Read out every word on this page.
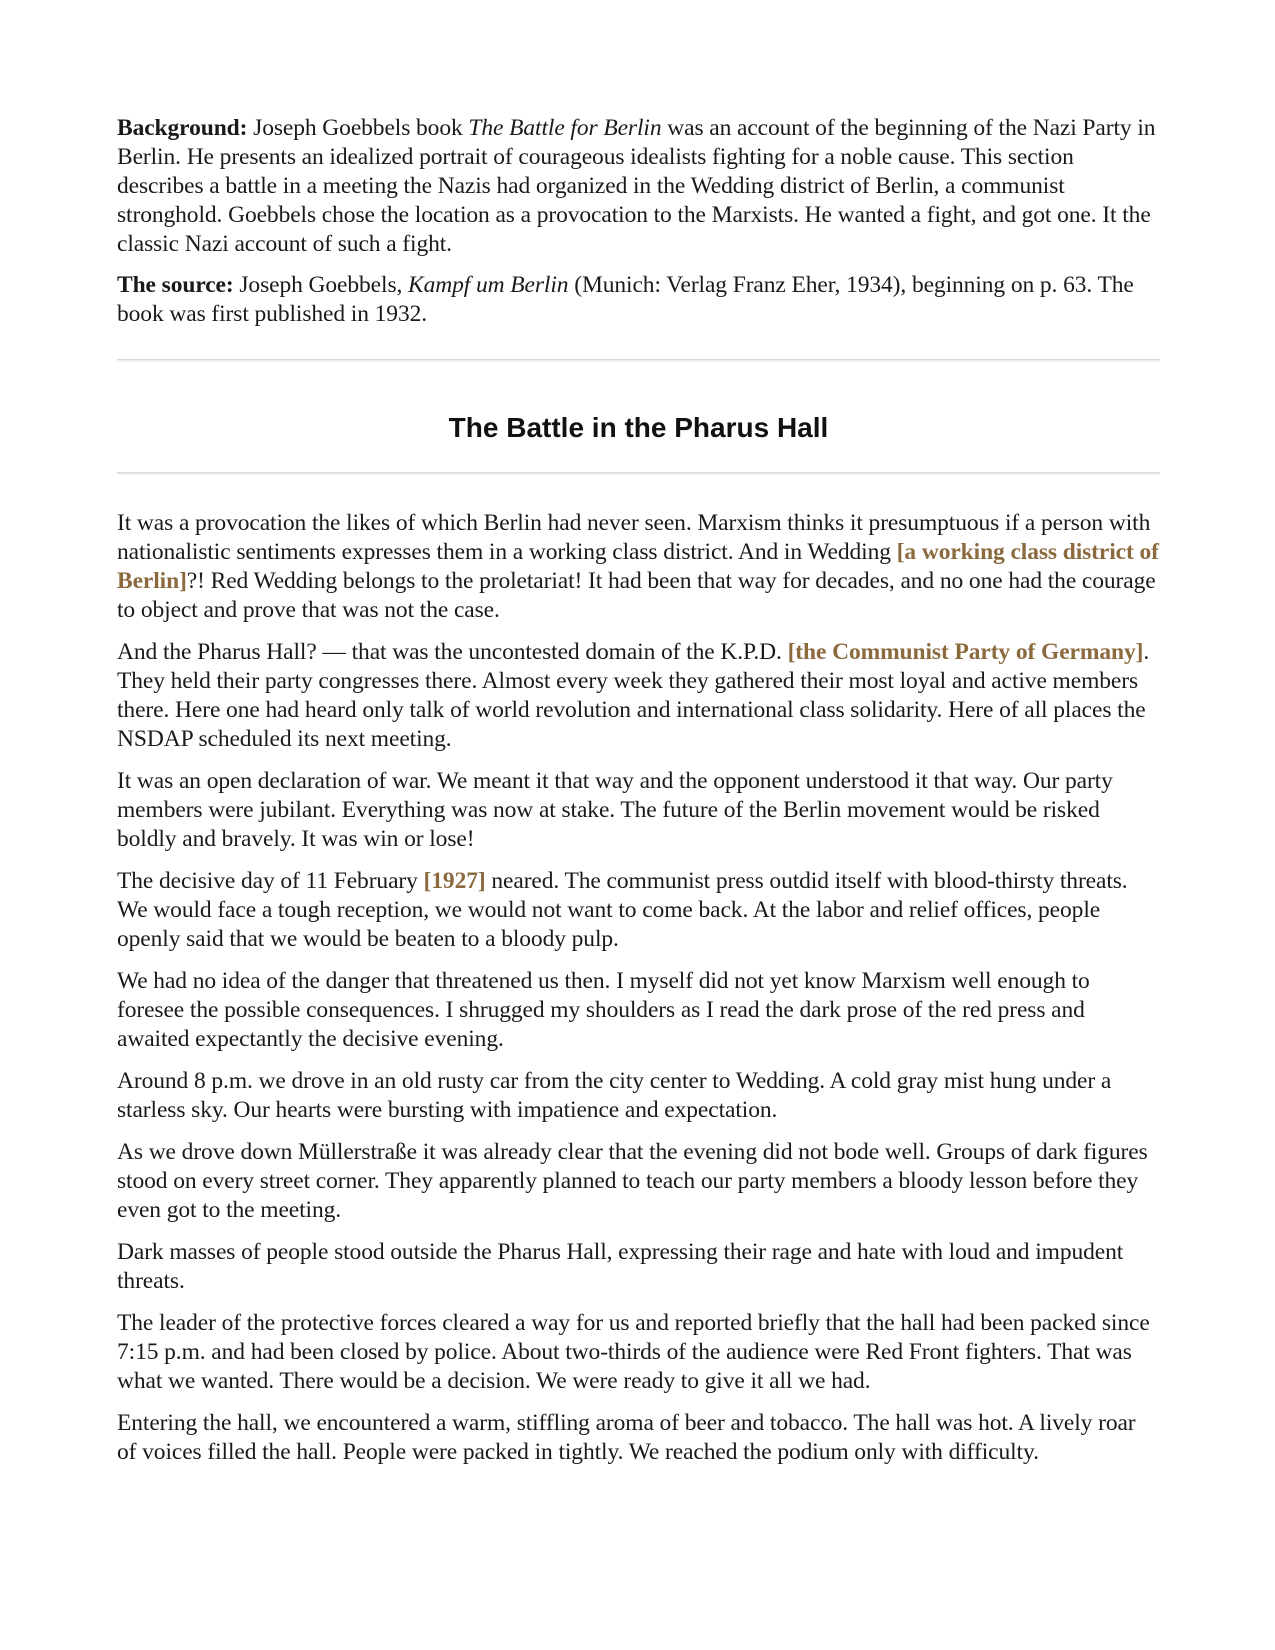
Background: Joseph Goebbels book The Battle for Berlin was an account of the beginning of the Nazi Party in Berlin. He presents an idealized portrait of courageous idealists fighting for a noble cause. This section describes a battle in a meeting the Nazis had organized in the Wedding district of Berlin, a communist stronghold. Goebbels chose the location as a provocation to the Marxists. He wanted a fight, and got one. It the classic Nazi account of such a fight.

The source: Joseph Goebbels, Kampf um Berlin (Munich: Verlag Franz Eher, 1934), beginning on p. 63. The book was first published in 1932.

The Battle in the Pharus Hall

It was a provocation the likes of which Berlin had never seen. Marxism thinks it presumptuous if a person with nationalistic sentiments expresses them in a working class district. And in Wedding [a working class district of Berlin]?! Red Wedding belongs to the proletariat! It had been that way for decades, and no one had the courage to object and prove that was not the case.

And the Pharus Hall? — that was the uncontested domain of the K.P.D. [the Communist Party of Germany]. They held their party congresses there. Almost every week they gathered their most loyal and active members there. Here one had heard only talk of world revolution and international class solidarity. Here of all places the NSDAP scheduled its next meeting.

It was an open declaration of war. We meant it that way and the opponent understood it that way. Our party members were jubilant. Everything was now at stake. The future of the Berlin movement would be risked boldly and bravely. It was win or lose!

The decisive day of 11 February [1927] neared. The communist press outdid itself with blood-thirsty threats. We would face a tough reception, we would not want to come back. At the labor and relief offices, people openly said that we would be beaten to a bloody pulp.

We had no idea of the danger that threatened us then. I myself did not yet know Marxism well enough to foresee the possible consequences. I shrugged my shoulders as I read the dark prose of the red press and awaited expectantly the decisive evening.

Around 8 p.m. we drove in an old rusty car from the city center to Wedding. A cold gray mist hung under a starless sky. Our hearts were bursting with impatience and expectation.

As we drove down Müllerstraße it was already clear that the evening did not bode well. Groups of dark figures stood on every street corner. They apparently planned to teach our party members a bloody lesson before they even got to the meeting.

Dark masses of people stood outside the Pharus Hall, expressing their rage and hate with loud and impudent threats.

The leader of the protective forces cleared a way for us and reported briefly that the hall had been packed since 7:15 p.m. and had been closed by police. About two-thirds of the audience were Red Front fighters. That was what we wanted. There would be a decision. We were ready to give it all we had.

Entering the hall, we encountered a warm, stiffling aroma of beer and tobacco. The hall was hot. A lively roar of voices filled the hall. People were packed in tightly. We reached the podium only with difficulty.
